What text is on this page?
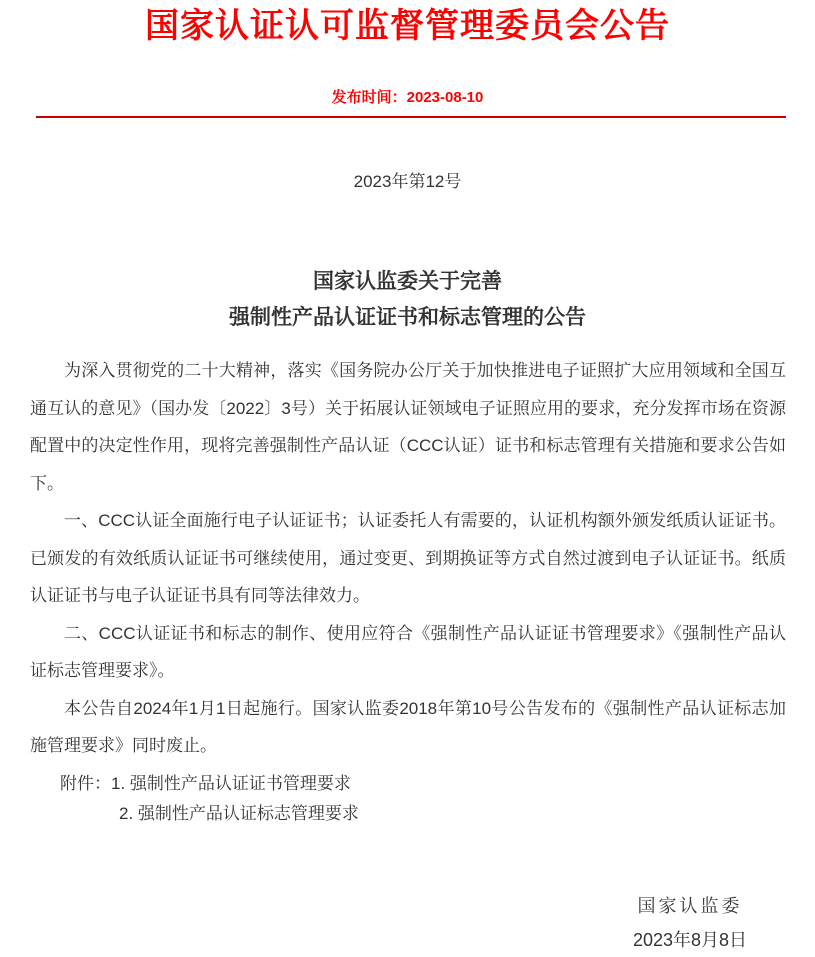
国家认证认可监督管理委员会公告
发布时间：2023-08-10
2023年第12号
国家认监委关于完善
强制性产品认证证书和标志管理的公告

为深入贯彻党的二十大精神，落实《国务院办公厅关于加快推进电子证照扩大应用领域和全国互通互认的意见》（国办发〔2022〕3号）关于拓展认证领域电子证照应用的要求，充分发挥市场在资源配置中的决定性作用，现将完善强制性产品认证（CCC认证）证书和标志管理有关措施和要求公告如下。

一、CCC认证全面施行电子认证证书；认证委托人有需要的，认证机构额外颁发纸质认证证书。已颁发的有效纸质认证证书可继续使用，通过变更、到期换证等方式自然过渡到电子认证证书。纸质认证证书与电子认证证书具有同等法律效力。

二、CCC认证证书和标志的制作、使用应符合《强制性产品认证证书管理要求》《强制性产品认证标志管理要求》。

本公告自2024年1月1日起施行。国家认监委2018年第10号公告发布的《强制性产品认证标志加施管理要求》同时废止。

附件：1. 强制性产品认证证书管理要求
2. 强制性产品认证标志管理要求
国家认监委
2023年8月8日
